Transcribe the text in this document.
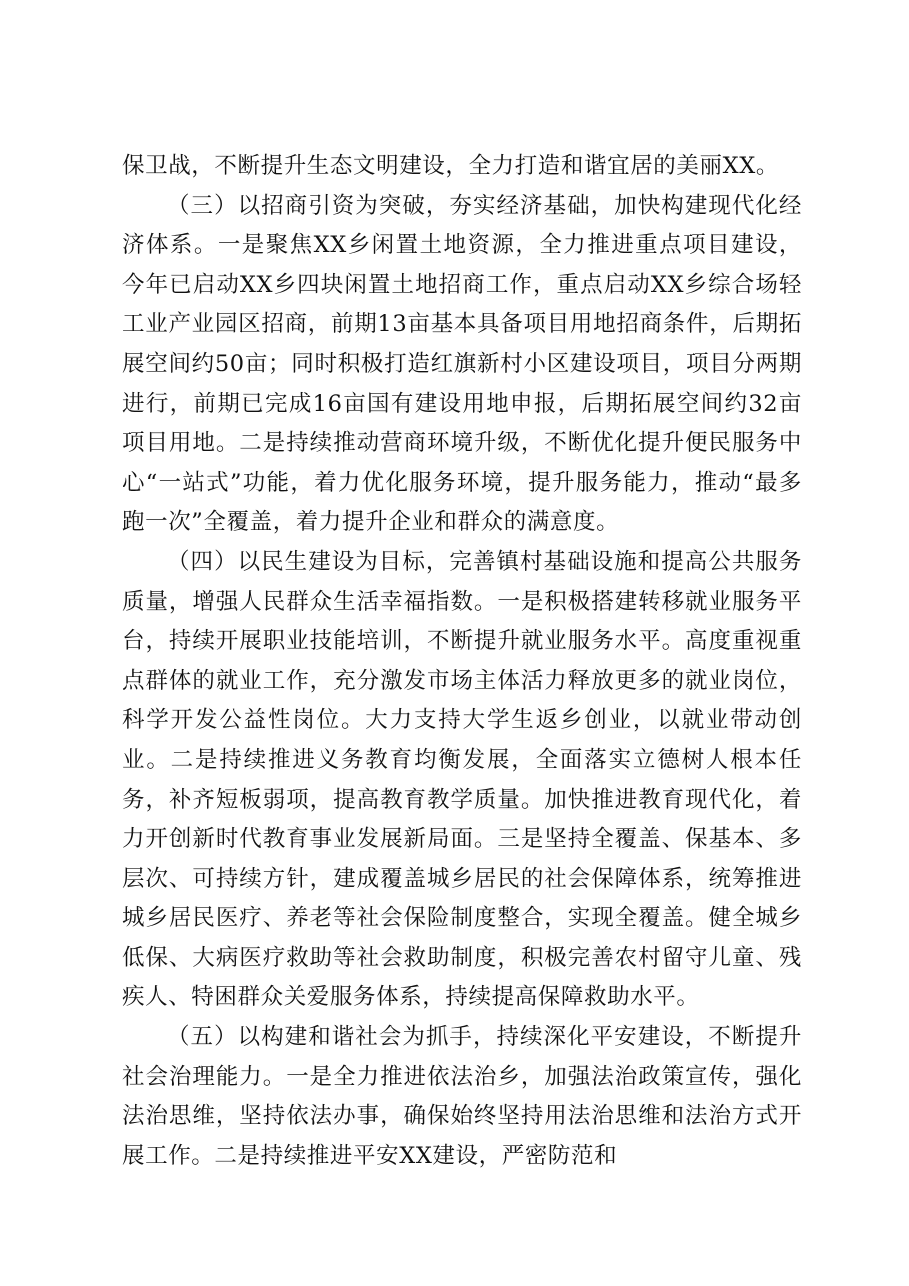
保卫战，不断提升生态文明建设，全力打造和谐宜居的美丽XX。

（三）以招商引资为突破，夯实经济基础，加快构建现代化经济体系。一是聚焦XX乡闲置土地资源，全力推进重点项目建设，今年已启动XX乡四块闲置土地招商工作，重点启动XX乡综合场轻工业产业园区招商，前期13亩基本具备项目用地招商条件，后期拓展空间约50亩；同时积极打造红旗新村小区建设项目，项目分两期进行，前期已完成16亩国有建设用地申报，后期拓展空间约32亩项目用地。二是持续推动营商环境升级，不断优化提升便民服务中心“一站式”功能，着力优化服务环境，提升服务能力，推动“最多跑一次”全覆盖，着力提升企业和群众的满意度。

（四）以民生建设为目标，完善镇村基础设施和提高公共服务质量，增强人民群众生活幸福指数。一是积极搭建转移就业服务平台，持续开展职业技能培训，不断提升就业服务水平。高度重视重点群体的就业工作，充分激发市场主体活力释放更多的就业岗位，科学开发公益性岗位。大力支持大学生返乡创业，以就业带动创业。二是持续推进义务教育均衡发展，全面落实立德树人根本任务，补齐短板弱项，提高教育教学质量。加快推进教育现代化，着力开创新时代教育事业发展新局面。三是坚持全覆盖、保基本、多层次、可持续方针，建成覆盖城乡居民的社会保障体系，统筹推进城乡居民医疗、养老等社会保险制度整合，实现全覆盖。健全城乡低保、大病医疗救助等社会救助制度，积极完善农村留守儿童、残疾人、特困群众关爱服务体系，持续提高保障救助水平。

（五）以构建和谐社会为抓手，持续深化平安建设，不断提升社会治理能力。一是全力推进依法治乡，加强法治政策宣传，强化法治思维，坚持依法办事，确保始终坚持用法治思维和法治方式开展工作。二是持续推进平安XX建设，严密防范和
